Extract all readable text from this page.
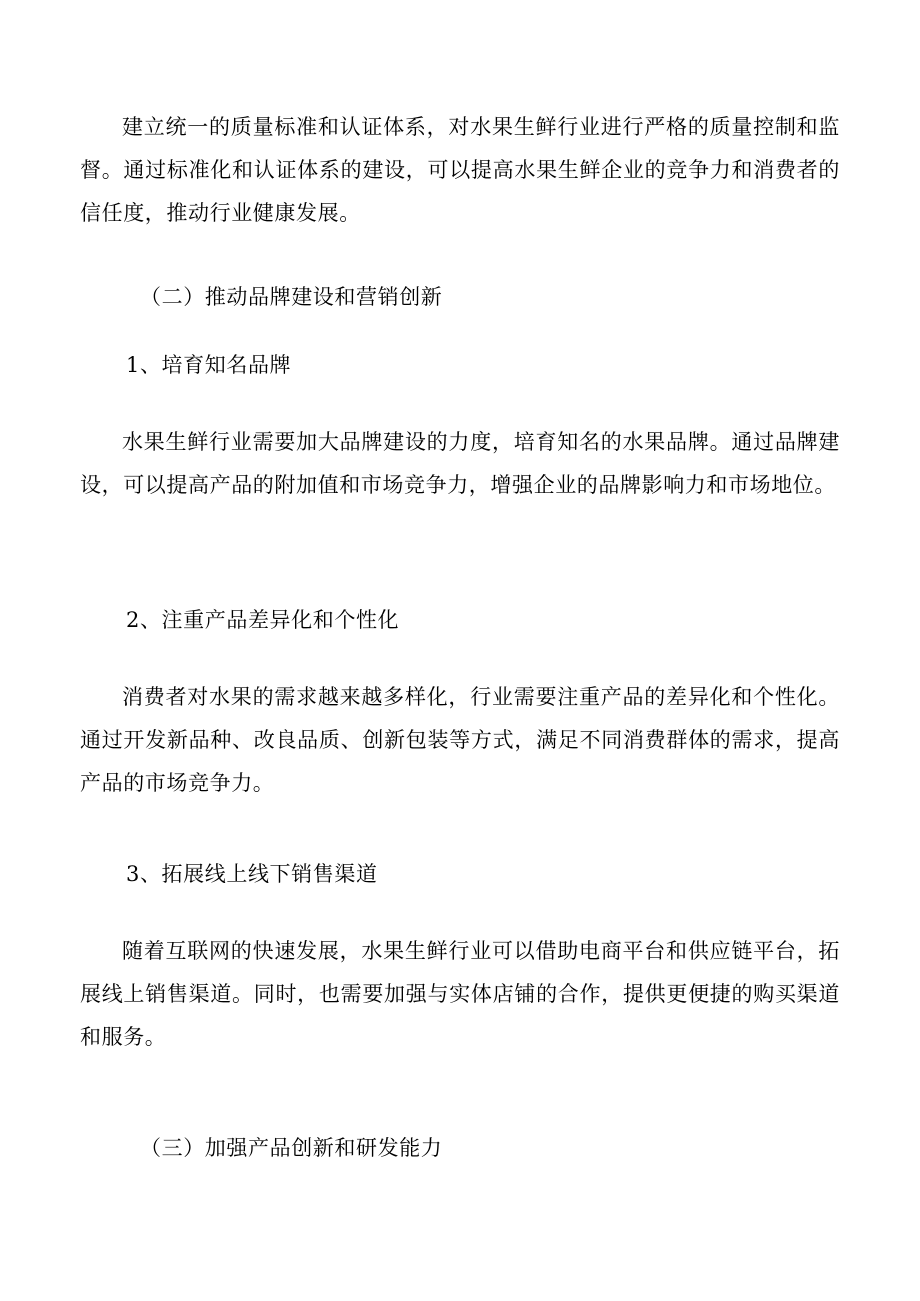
建立统一的质量标准和认证体系，对水果生鲜行业进行严格的质量控制和监督。通过标准化和认证体系的建设，可以提高水果生鲜企业的竞争力和消费者的信任度，推动行业健康发展。

（二）推动品牌建设和营销创新

1、培育知名品牌

水果生鲜行业需要加大品牌建设的力度，培育知名的水果品牌。通过品牌建设，可以提高产品的附加值和市场竞争力，增强企业的品牌影响力和市场地位。

2、注重产品差异化和个性化

消费者对水果的需求越来越多样化，行业需要注重产品的差异化和个性化。通过开发新品种、改良品质、创新包装等方式，满足不同消费群体的需求，提高产品的市场竞争力。

3、拓展线上线下销售渠道

随着互联网的快速发展，水果生鲜行业可以借助电商平台和供应链平台，拓展线上销售渠道。同时，也需要加强与实体店铺的合作，提供更便捷的购买渠道和服务。

（三）加强产品创新和研发能力
